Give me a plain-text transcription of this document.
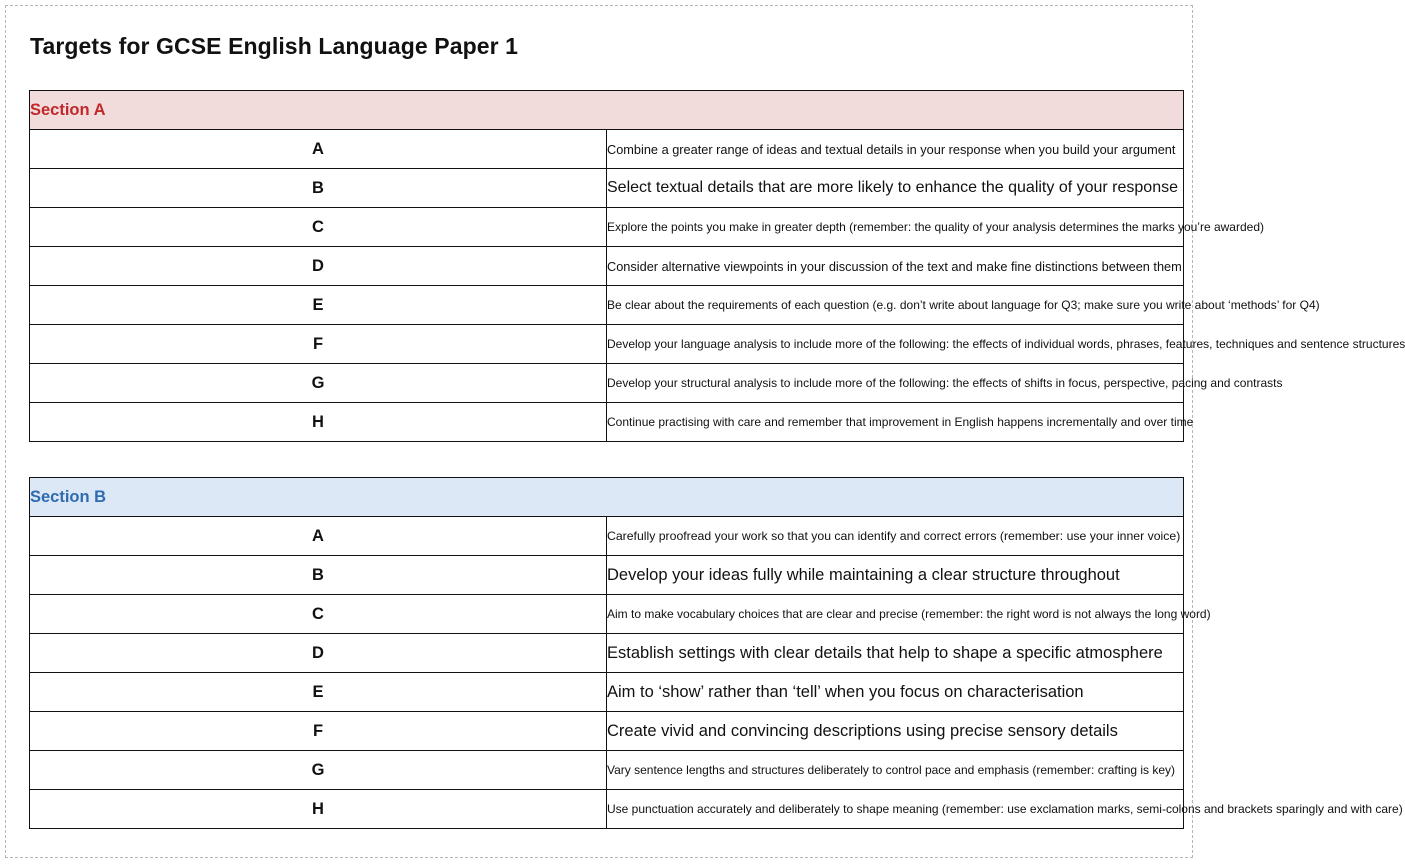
Targets for GCSE English Language Paper 1
Section A	
A	Combine a greater range of ideas and textual details in your response when you build your argument
B	Select textual details that are more likely to enhance the quality of your response
C	Explore the points you make in greater depth (remember: the quality of your analysis determines the marks you’re awarded)
D	Consider alternative viewpoints in your discussion of the text and make fine distinctions between them
E	Be clear about the requirements of each question (e.g. don’t write about language for Q3; make sure you write about ‘methods’ for Q4)
F	Develop your language analysis to include more of the following: the effects of individual words, phrases, features, techniques and sentence structures
G	Develop your structural analysis to include more of the following: the effects of shifts in focus, perspective, pacing and contrasts
H	Continue practising with care and remember that improvement in English happens incrementally and over time
Section B	
A	Carefully proofread your work so that you can identify and correct errors (remember: use your inner voice)
B	Develop your ideas fully while maintaining a clear structure throughout
C	Aim to make vocabulary choices that are clear and precise (remember: the right word is not always the long word)
D	Establish settings with clear details that help to shape a specific atmosphere
E	Aim to ‘show’ rather than ‘tell’ when you focus on characterisation
F	Create vivid and convincing descriptions using precise sensory details
G	Vary sentence lengths and structures deliberately to control pace and emphasis (remember: crafting is key)
H	Use punctuation accurately and deliberately to shape meaning (remember: use exclamation marks, semi-colons and brackets sparingly and with care)
